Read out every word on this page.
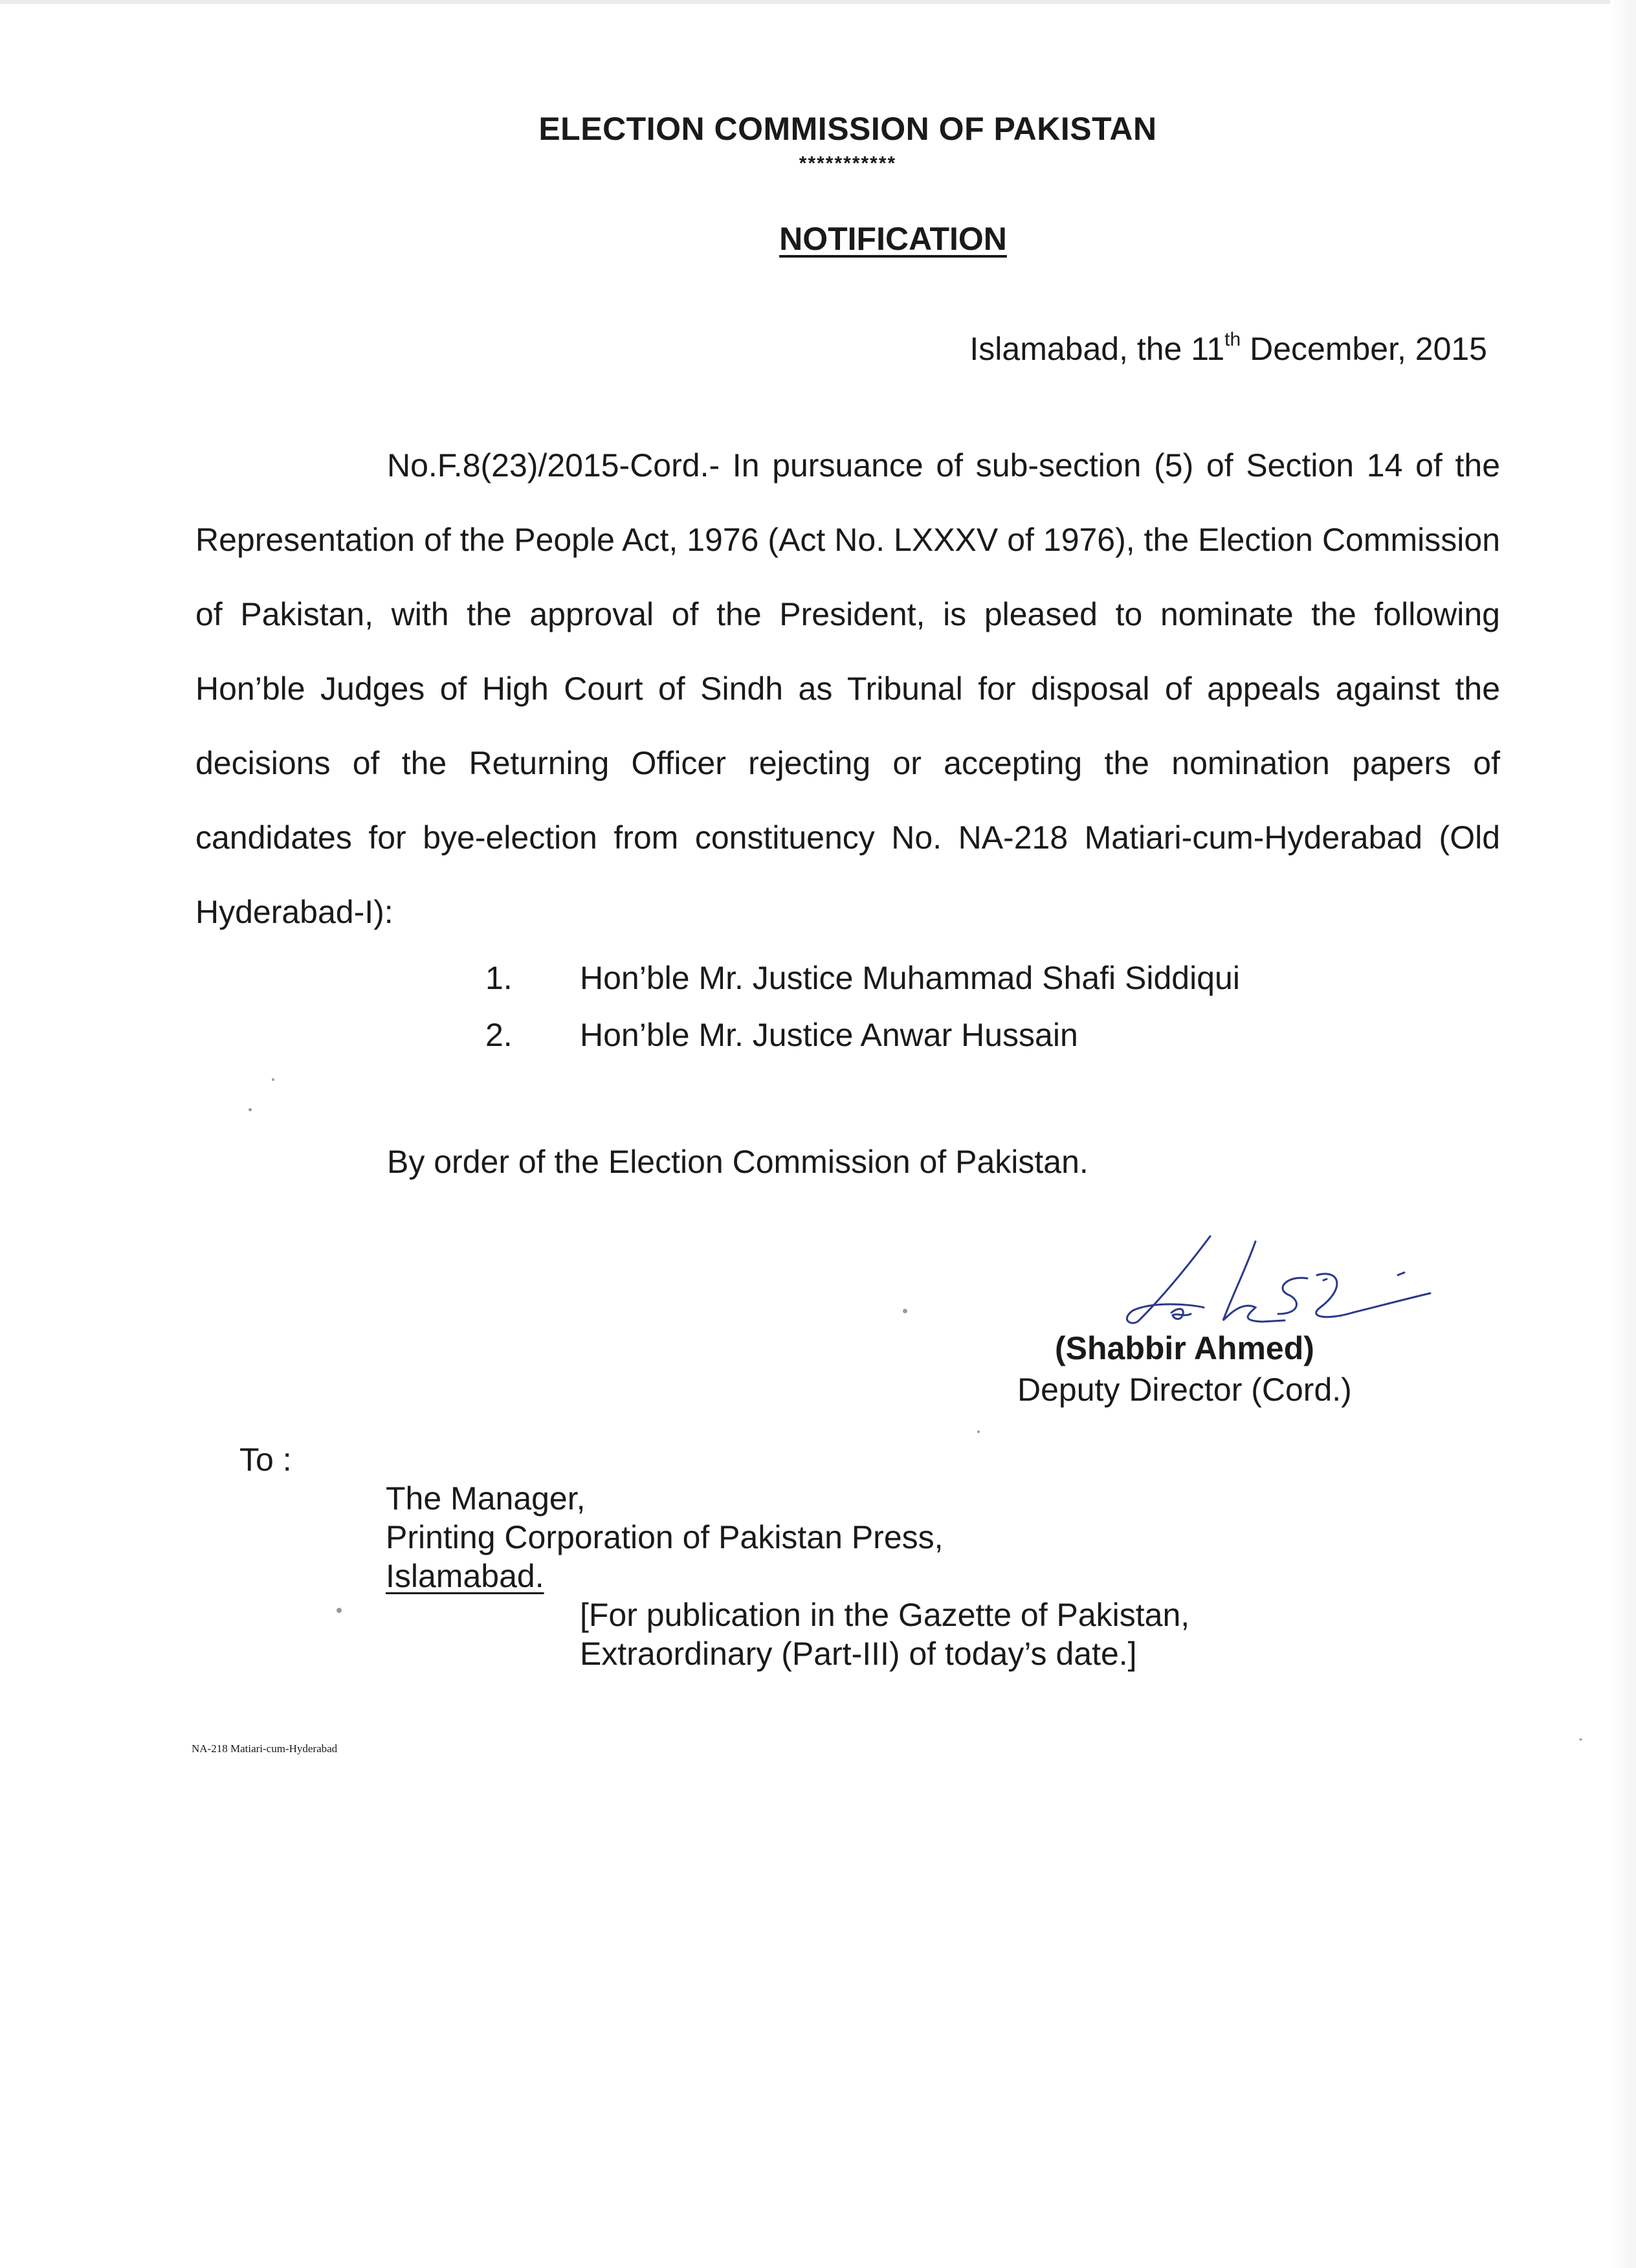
ELECTION COMMISSION OF PAKISTAN
***********
NOTIFICATION
Islamabad, the 11th December, 2015
No.F.8(23)/2015-Cord.- In pursuance of sub-section (5) of Section 14 of the Representation of the People Act, 1976 (Act No. LXXXV of 1976), the Election Commission of Pakistan, with the approval of the President, is pleased to nominate the following Hon’ble Judges of High Court of Sindh as Tribunal for disposal of appeals against the decisions of the Returning Officer rejecting or accepting the nomination papers of candidates for bye-election from constituency No. NA-218 Matiari-cum-Hyderabad (Old Hyderabad-I):
1. Hon’ble Mr. Justice Muhammad Shafi Siddiqui
2. Hon’ble Mr. Justice Anwar Hussain
By order of the Election Commission of Pakistan.
(Shabbir Ahmed)
Deputy Director (Cord.)
To :
The Manager,
Printing Corporation of Pakistan Press,
Islamabad.
[For publication in the Gazette of Pakistan,
Extraordinary (Part-III) of today’s date.]
NA-218 Matiari-cum-Hyderabad
